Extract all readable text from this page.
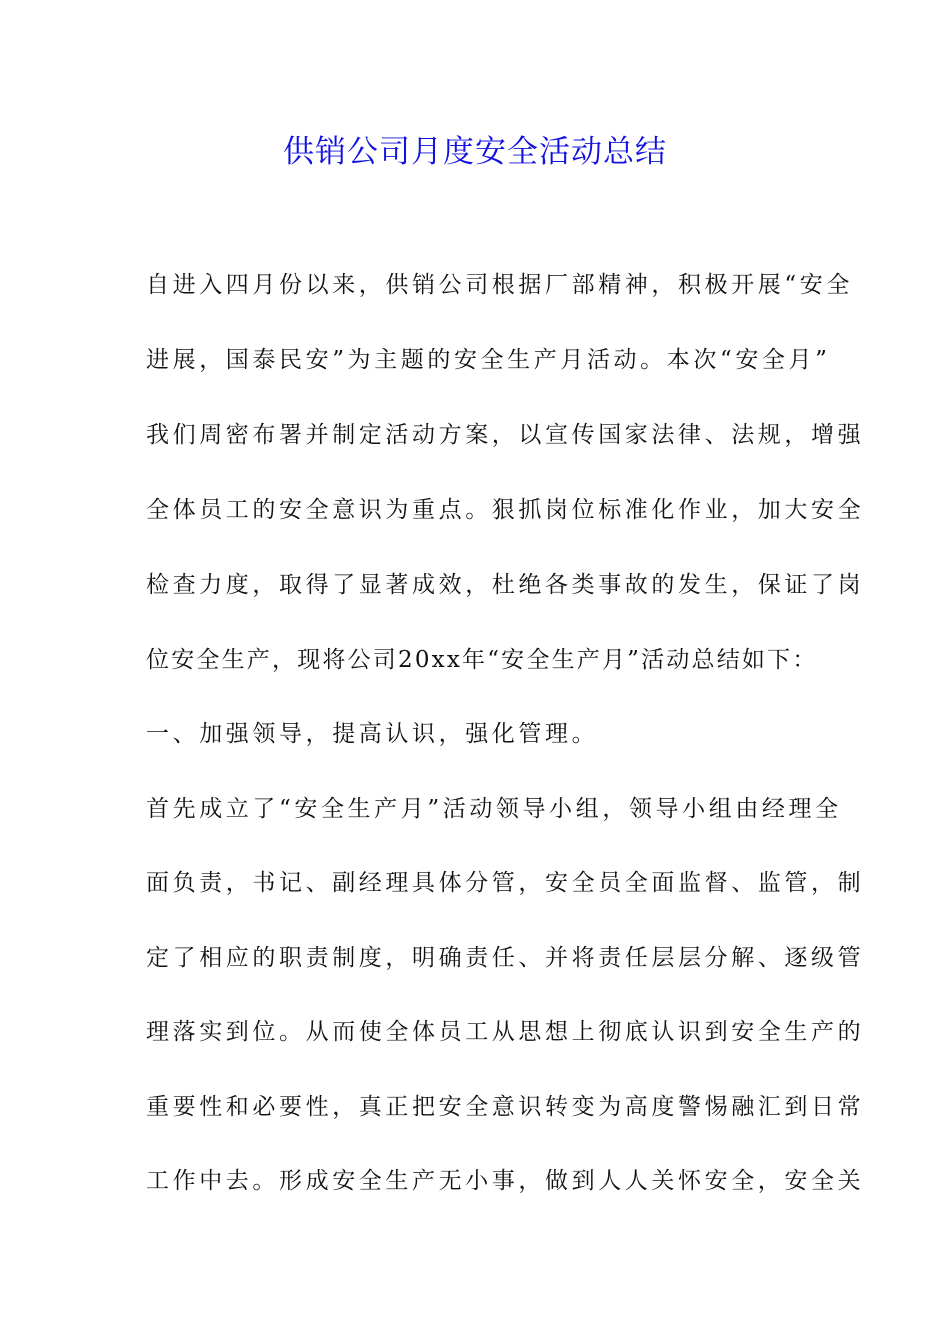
供销公司月度安全活动总结
自进入四月份以来，供销公司根据厂部精神，积极开展“安全
进展，国泰民安”为主题的安全生产月活动。本次“安全月”
我们周密布署并制定活动方案，以宣传国家法律、法规，增强
全体员工的安全意识为重点。狠抓岗位标准化作业，加大安全
检查力度，取得了显著成效，杜绝各类事故的发生，保证了岗
位安全生产，现将公司20xx年“安全生产月”活动总结如下：
一、加强领导，提高认识，强化管理。
首先成立了“安全生产月”活动领导小组，领导小组由经理全
面负责，书记、副经理具体分管，安全员全面监督、监管，制
定了相应的职责制度，明确责任、并将责任层层分解、逐级管
理落实到位。从而使全体员工从思想上彻底认识到安全生产的
重要性和必要性，真正把安全意识转变为高度警惕融汇到日常
工作中去。形成安全生产无小事，做到人人关怀安全，安全关
